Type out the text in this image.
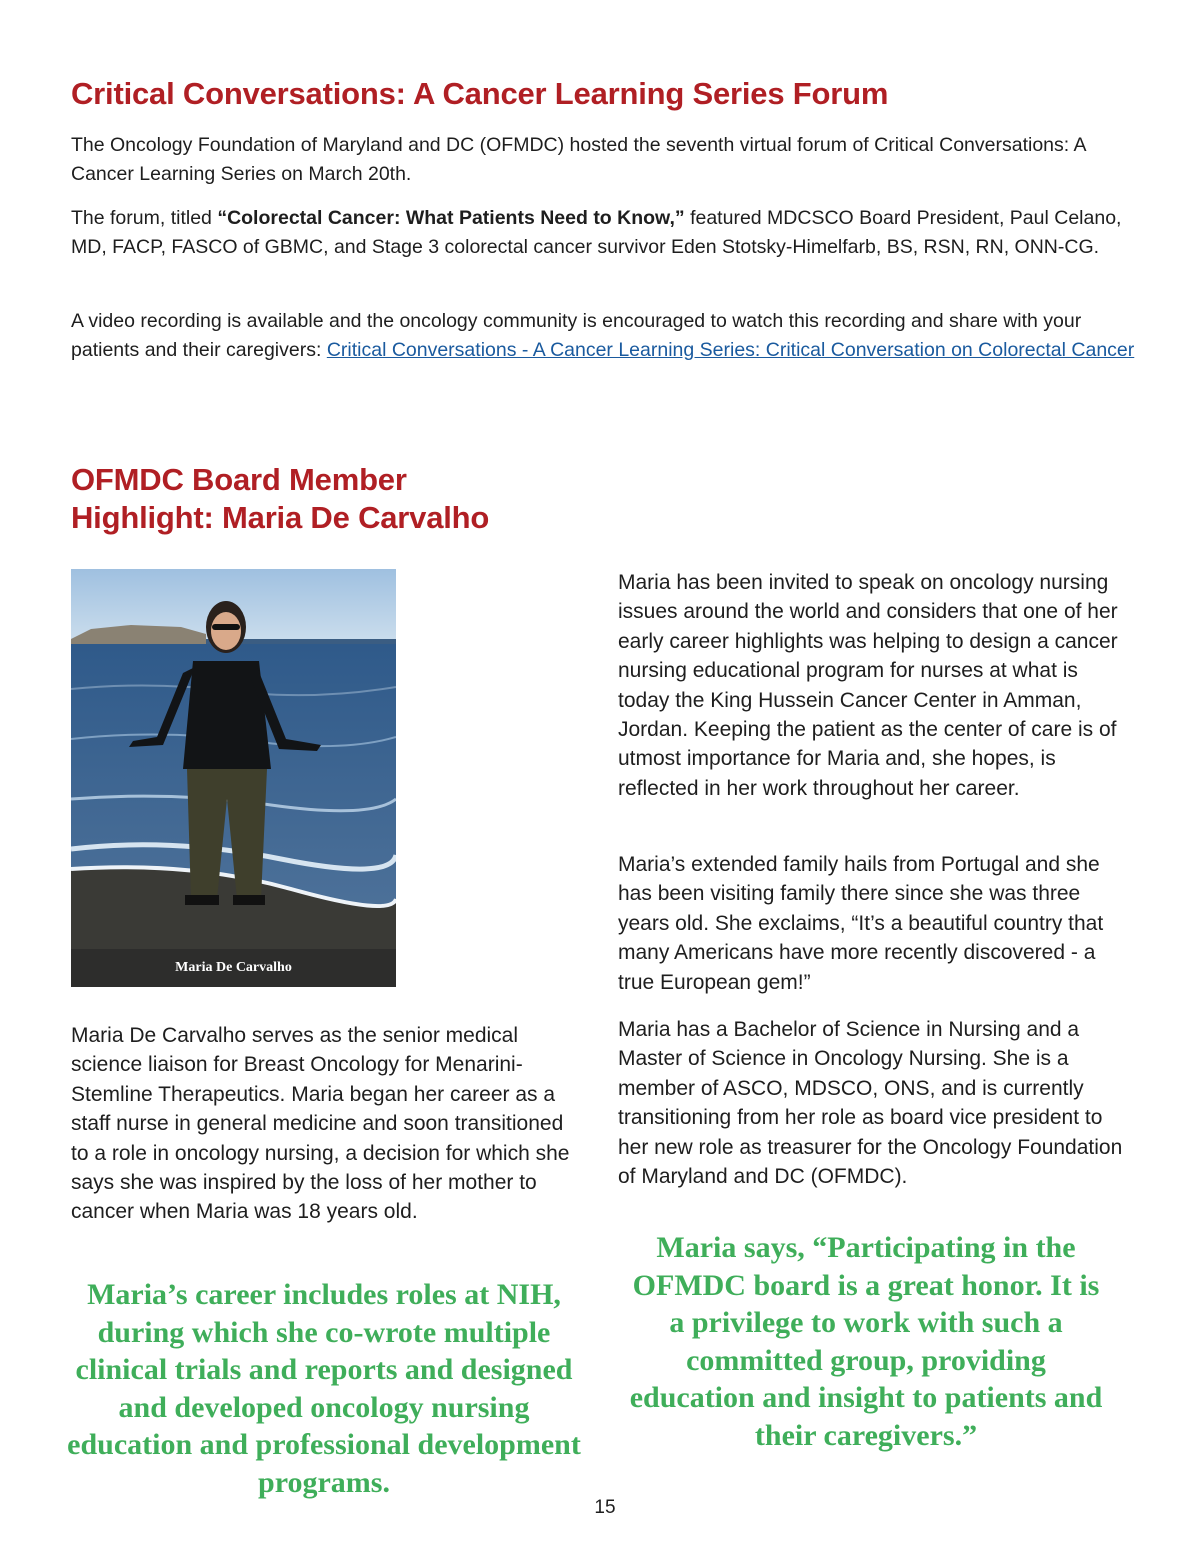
Critical Conversations: A Cancer Learning Series Forum

The Oncology Foundation of Maryland and DC (OFMDC) hosted the seventh virtual forum of Critical Conversations: A Cancer Learning Series on March 20th.

The forum, titled “Colorectal Cancer: What Patients Need to Know,” featured MDCSCO Board President, Paul Celano, MD, FACP, FASCO of GBMC, and Stage 3 colorectal cancer survivor Eden Stotsky-Himelfarb, BS, RSN, RN, ONN-CG.

A video recording is available and the oncology community is encouraged to watch this recording and share with your patients and their caregivers: Critical Conversations - A Cancer Learning Series: Critical Conversation on Colorectal Cancer

OFMDC Board Member
Highlight: Maria De Carvalho
Maria De Carvalho

Maria De Carvalho serves as the senior medical science liaison for Breast Oncology for Menarini-Stemline Therapeutics. Maria began her career as a staff nurse in general medicine and soon transitioned to a role in oncology nursing, a decision for which she says she was inspired by the loss of her mother to cancer when Maria was 18 years old.

Maria’s career includes roles at NIH, during which she co-wrote multiple clinical trials and reports and designed and developed oncology nursing education and professional development programs.

Maria has been invited to speak on oncology nursing issues around the world and considers that one of her early career highlights was helping to design a cancer nursing educational program for nurses at what is today the King Hussein Cancer Center in Amman, Jordan. Keeping the patient as the center of care is of utmost importance for Maria and, she hopes, is reflected in her work throughout her career.

Maria’s extended family hails from Portugal and she has been visiting family there since she was three years old. She exclaims, “It’s a beautiful country that many Americans have more recently discovered - a true European gem!”

Maria has a Bachelor of Science in Nursing and a Master of Science in Oncology Nursing. She is a member of ASCO, MDSCO, ONS, and is currently transitioning from her role as board vice president to her new role as treasurer for the Oncology Foundation of Maryland and DC (OFMDC).

Maria says, “Participating in the OFMDC board is a great honor. It is a privilege to work with such a committed group, providing education and insight to patients and their caregivers.”

15
